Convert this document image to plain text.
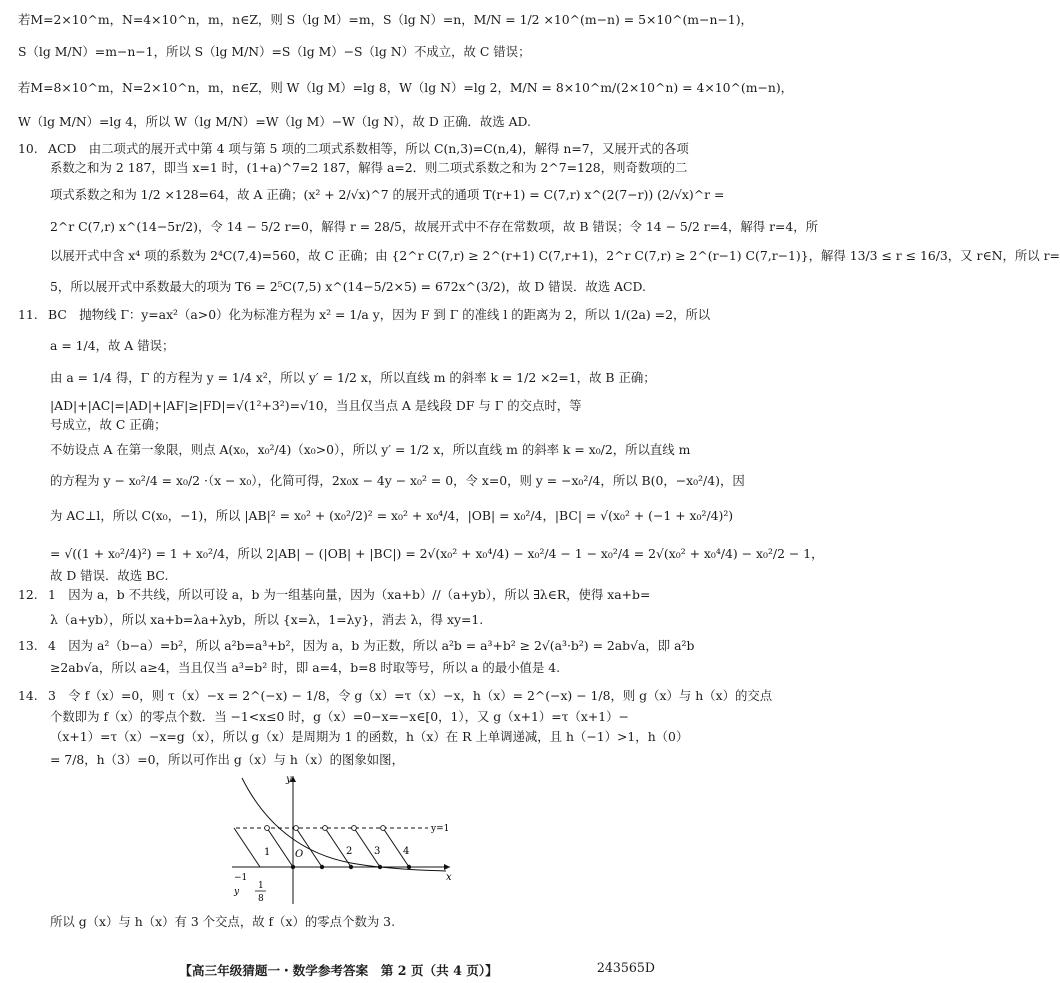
若M=2×10^m，N=4×10^n，m，n∈Z，则 S（lg M）=m，S（lg N）=n，M/N = 1/2 ×10^(m−n) = 5×10^(m−n−1)，
S（lg M/N）=m−n−1，所以 S（lg M/N）=S（lg M）−S（lg N）不成立，故 C 错误；
若M=8×10^m，N=2×10^n，m，n∈Z，则 W（lg M）=lg 8，W（lg N）=lg 2，M/N = 8×10^m/(2×10^n) = 4×10^(m−n)，
W（lg M/N）=lg 4，所以 W（lg M/N）=W（lg M）−W（lg N），故 D 正确．故选 AD.
10. ACD　由二项式的展开式中第 4 项与第 5 项的二项式系数相等，所以 C(n,3)=C(n,4)，解得 n=7，又展开式的各项
系数之和为 2 187，即当 x=1 时，(1+a)^7=2 187，解得 a=2．则二项式系数之和为 2^7=128，则奇数项的二
项式系数之和为 1/2 ×128=64，故 A 正确；(x² + 2/√x)^7 的展开式的通项 T(r+1) = C(7,r) x^(2(7−r)) (2/√x)^r =
2^r C(7,r) x^(14−5r/2)，令 14 − 5/2 r=0，解得 r = 28/5，故展开式中不存在常数项，故 B 错误；令 14 − 5/2 r=4，解得 r=4，所
以展开式中含 x⁴ 项的系数为 2⁴C(7,4)=560，故 C 正确；由 {2^r C(7,r) ≥ 2^(r+1) C(7,r+1)，2^r C(7,r) ≥ 2^(r−1) C(7,r−1)}，解得 13/3 ≤ r ≤ 16/3，又 r∈N，所以 r=
5，所以展开式中系数最大的项为 T6 = 2⁵C(7,5) x^(14−5/2×5) = 672x^(3/2)，故 D 错误．故选 ACD.
11. BC　抛物线 Γ：y=ax²（a>0）化为标准方程为 x² = 1/a y，因为 F 到 Γ 的准线 l 的距离为 2，所以 1/(2a) =2，所以
a = 1/4，故 A 错误；
由 a = 1/4 得，Γ 的方程为 y = 1/4 x²，所以 y′ = 1/2 x，所以直线 m 的斜率 k = 1/2 ×2=1，故 B 正确；
|AD|+|AC|=|AD|+|AF|≥|FD|=√(1²+3²)=√10，当且仅当点 A 是线段 DF 与 Γ 的交点时，等
号成立，故 C 正确；
不妨设点 A 在第一象限，则点 A(x₀，x₀²/4)（x₀>0），所以 y′ = 1/2 x，所以直线 m 的斜率 k = x₀/2，所以直线 m
的方程为 y − x₀²/4 = x₀/2 ·（x − x₀），化简可得，2x₀x − 4y − x₀² = 0，令 x=0，则 y = −x₀²/4，所以 B(0，−x₀²/4)，因
为 AC⊥l，所以 C(x₀，−1)，所以 |AB|² = x₀² + (x₀²/2)² = x₀² + x₀⁴/4，|OB| = x₀²/4，|BC| = √(x₀² + (−1 + x₀²/4)²)
= √((1 + x₀²/4)²) = 1 + x₀²/4，所以 2|AB| − (|OB| + |BC|) = 2√(x₀² + x₀⁴/4) − x₀²/4 − 1 − x₀²/4 = 2√(x₀² + x₀⁴/4) − x₀²/2 − 1，
故 D 错误．故选 BC.
12. 1　因为 a，b 不共线，所以可设 a，b 为一组基向量，因为（xa+b）//（a+yb），所以 ∃λ∈R，使得 xa+b=
λ（a+yb），所以 xa+b=λa+λyb，所以 {x=λ，1=λy}，消去 λ，得 xy=1.
13. 4　因为 a²（b−a）=b²，所以 a²b=a³+b²，因为 a，b 为正数，所以 a²b = a³+b² ≥ 2√(a³·b²) = 2ab√a，即 a²b
≥2ab√a，所以 a≥4，当且仅当 a³=b² 时，即 a=4，b=8 时取等号，所以 a 的最小值是 4.
14. 3　令 f（x）=0，则 τ（x）−x = 2^(−x) − 1/8，令 g（x）=τ（x）−x，h（x）= 2^(−x) − 1/8，则 g（x）与 h（x）的交点
个数即为 f（x）的零点个数．当 −1<x≤0 时，g（x）=0−x=−x∈[0，1），又 g（x+1）=τ（x+1）−
（x+1）=τ（x）−x=g（x），所以 g（x）是周期为 1 的函数，h（x）在 R 上单调递减，且 h（−1）>1，h（0）
= 7/8，h（3）=0，所以可作出 g（x）与 h（x）的图象如图，
y
x
O
y=1
1	2 3 4
−1
1
8
y
所以 g（x）与 h（x）有 3 个交点，故 f（x）的零点个数为 3.
【高三年级猜题一・数学参考答案　第 2 页（共 4 页）】	243565D
